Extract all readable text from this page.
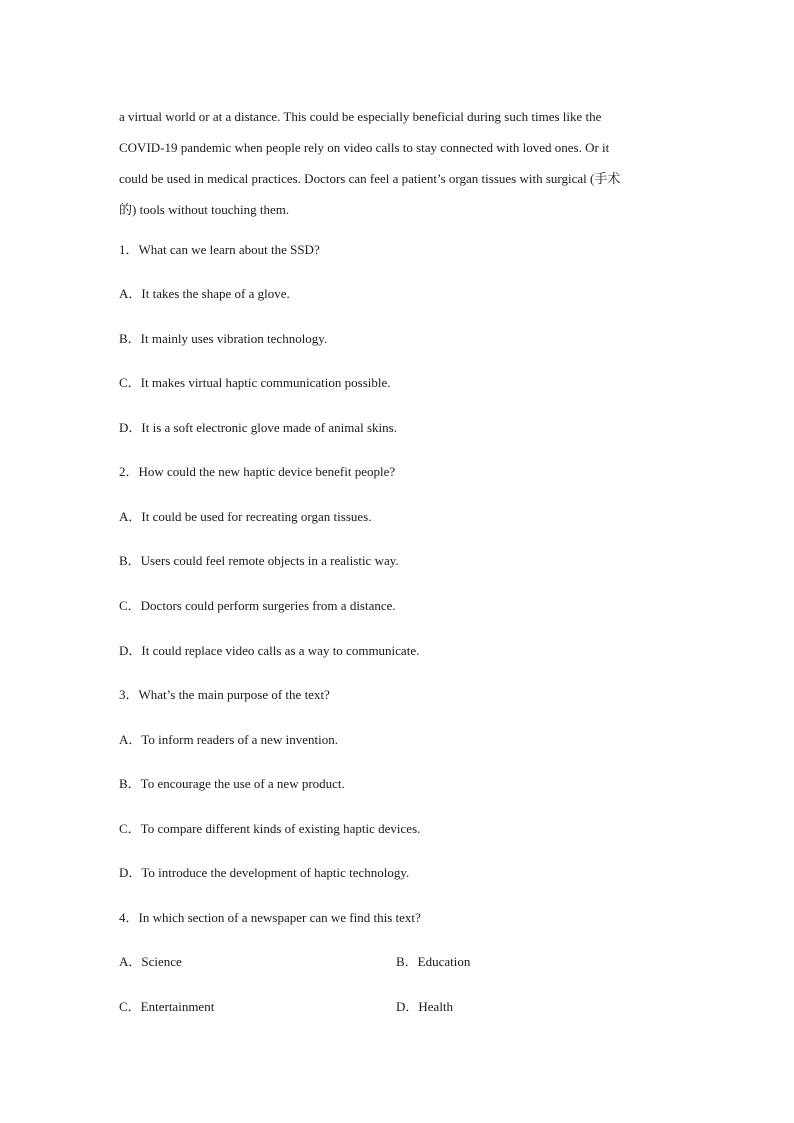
a virtual world or at a distance. This could be especially beneficial during such times like the
COVID-19 pandemic when people rely on video calls to stay connected with loved ones. Or it
could be used in medical practices. Doctors can feel a patient’s organ tissues with surgical (手术
的) tools without touching them.

1．What can we learn about the SSD?
A．It takes the shape of a glove.
B．It mainly uses vibration technology.
C．It makes virtual haptic communication possible.
D．It is a soft electronic glove made of animal skins.
2．How could the new haptic device benefit people?
A．It could be used for recreating organ tissues.
B．Users could feel remote objects in a realistic way.
C．Doctors could perform surgeries from a distance.
D．It could replace video calls as a way to communicate.
3．What’s the main purpose of the text?
A．To inform readers of a new invention.
B．To encourage the use of a new product.
C．To compare different kinds of existing haptic devices.
D．To introduce the development of haptic technology.
4．In which section of a newspaper can we find this text?
A．Science	B．Education
C．Entertainment	D．Health
